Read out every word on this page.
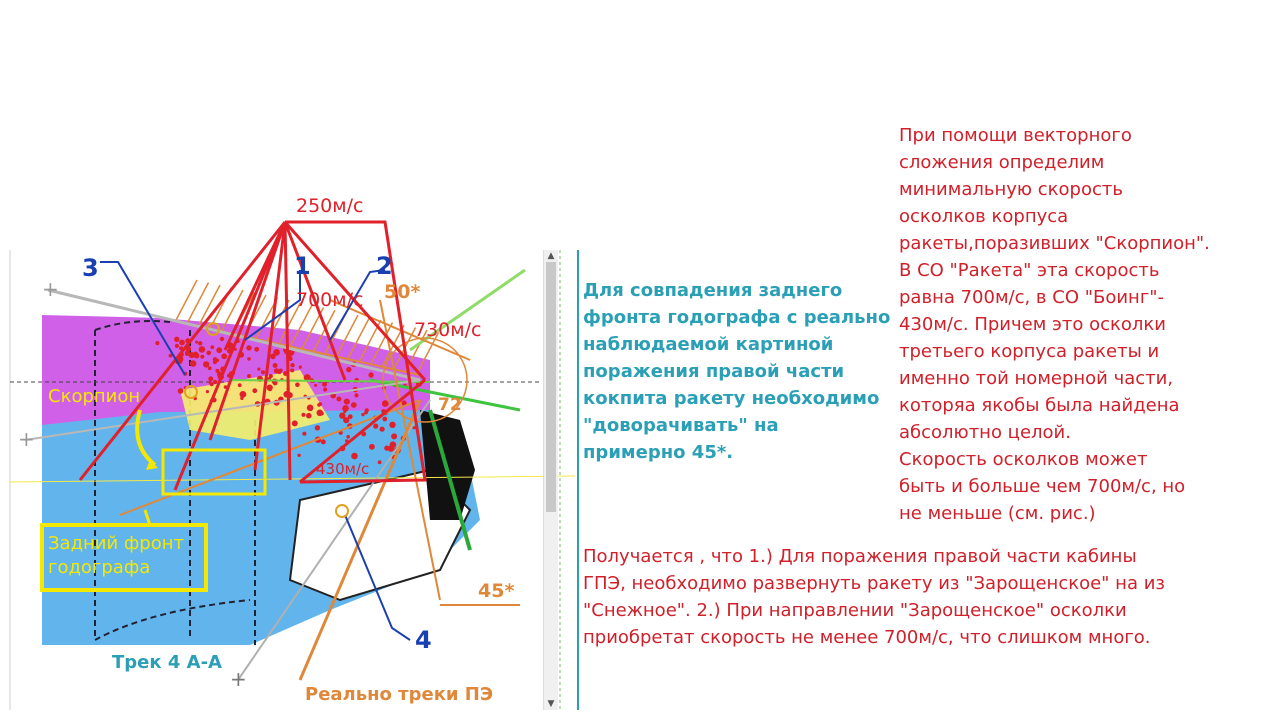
+
+
+
250м/с
700м/с
730м/с
430м/с
50*
72
45*
3	1	2
4
Скорпион
Трек 4 А-А
Реально треки ПЭ
Задний фронт годографа
▲
▼
Для совпадения заднего
фронта годографа с реально
наблюдаемой картиной
поражения правой части
кокпита ракету необходимо
"доворачивать" на
примерно 45*.
При помощи векторного
сложения определим
минимальную скорость
осколков корпуса
ракеты,поразивших "Скорпион".
В СО "Ракета" эта скорость
равна 700м/с, в СО "Боинг"-
430м/с. Причем это осколки
третьего корпуса ракеты и
именно той номерной части,
котоpяа якобы была найдена
абсолютно целой.
Скорость осколков может
быть и больше чем 700м/с, но
не меньше (см. рис.)
Получается , что 1.) Для поражения правой части кабины
ГПЭ, необходимо развернуть ракету из "Зарощенское" на из
"Снежное". 2.) При направлении "Зарощенское" осколки
приобретат скорость не менее 700м/с, что слишком много.
